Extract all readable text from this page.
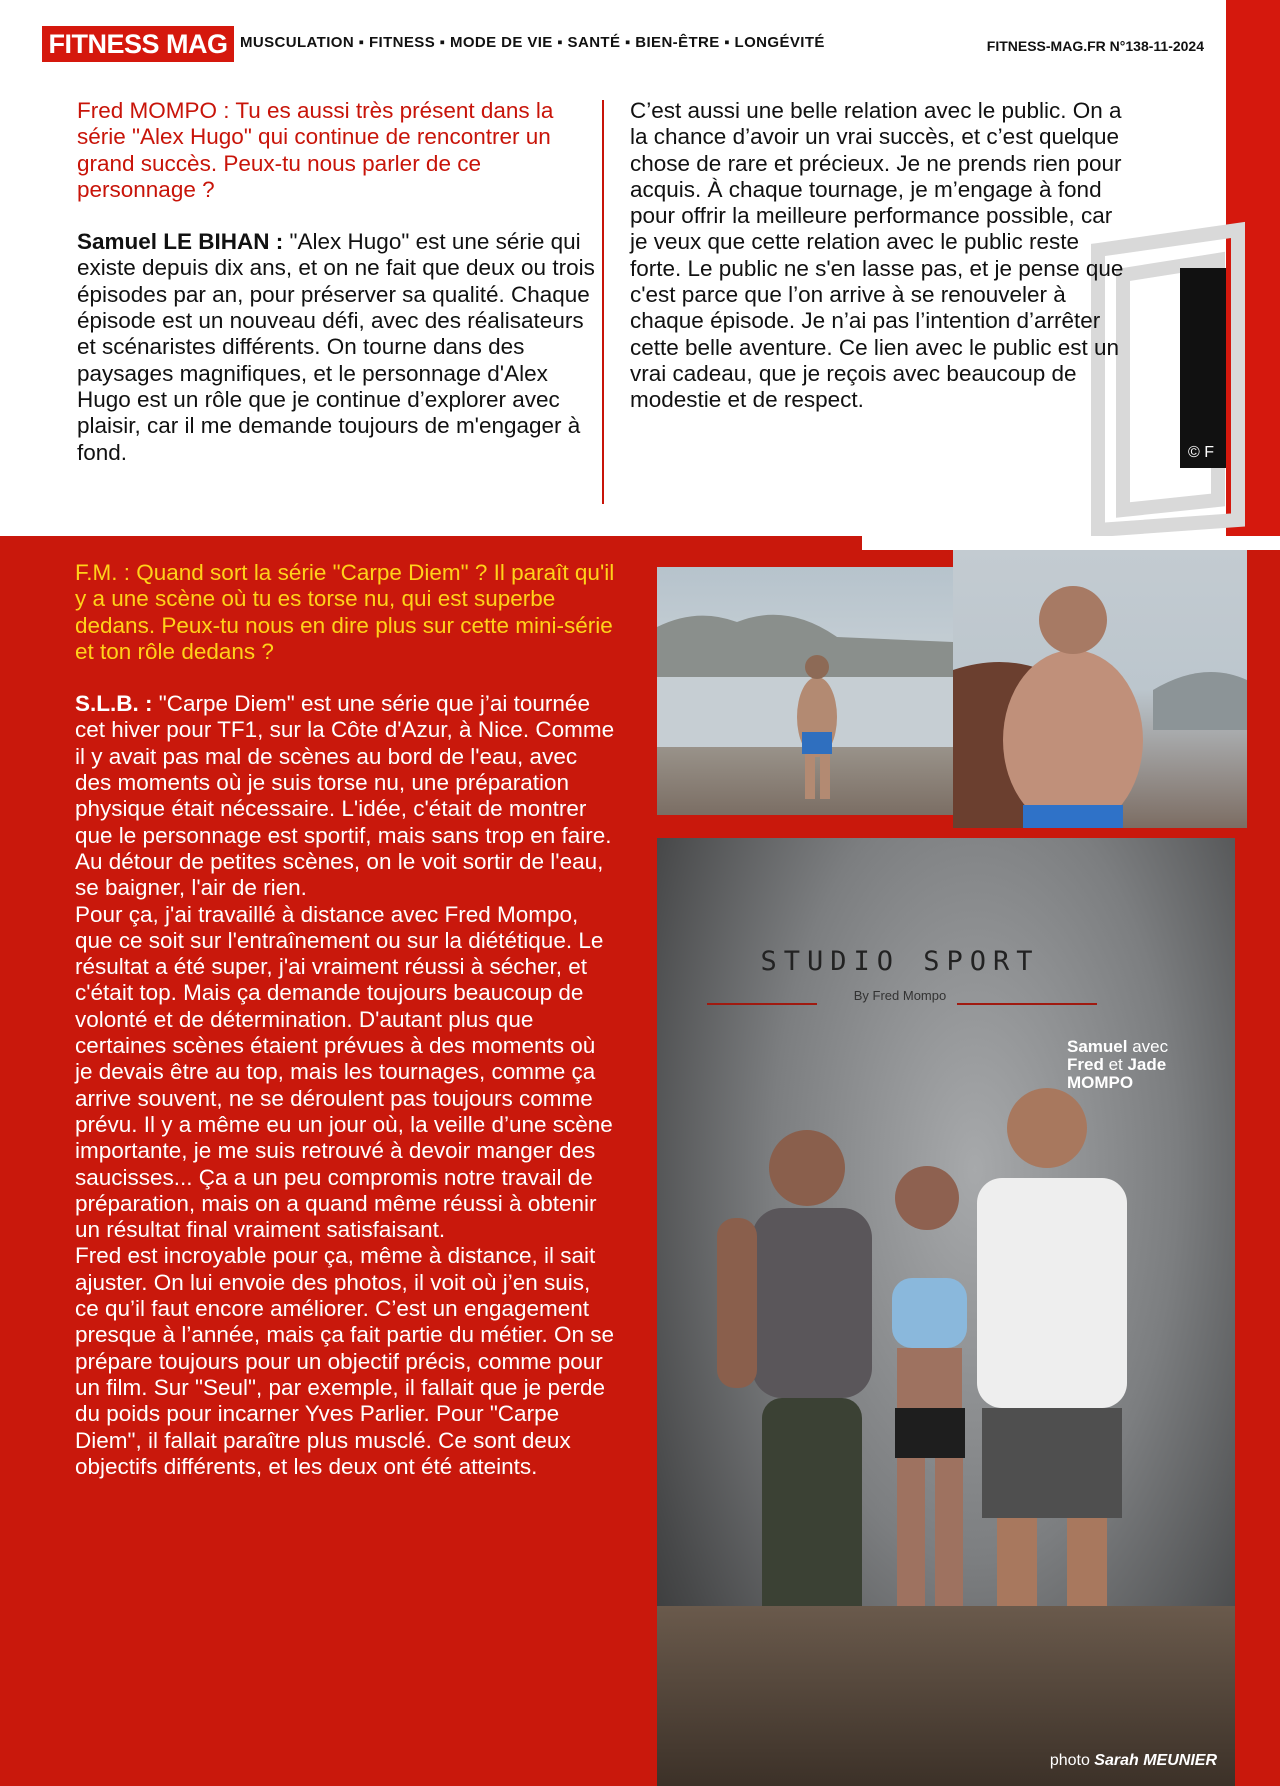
FITNESS MAG MUSCULATION ▪ FITNESS ▪ MODE DE VIE ▪ SANTÉ ▪ BIEN-ÊTRE ▪ LONGÉVITÉ	FITNESS-MAG.FR N°138-11-2024
© F

Fred MOMPO : Tu es aussi très présent dans la série "Alex Hugo" qui continue de rencontrer un grand succès. Peux-tu nous parler de ce personnage ?

Samuel LE BIHAN : "Alex Hugo" est une série qui existe depuis dix ans, et on ne fait que deux ou trois épisodes par an, pour préserver sa qualité. Chaque épisode est un nouveau défi, avec des réalisateurs et scénaristes différents. On tourne dans des paysages magnifiques, et le personnage d'Alex Hugo est un rôle que je continue d’explorer avec plaisir, car il me demande toujours de m'engager à fond.

C’est aussi une belle relation avec le public. On a la chance d’avoir un vrai succès, et c’est quelque chose de rare et précieux. Je ne prends rien pour acquis. À chaque tournage, je m’engage à fond pour offrir la meilleure performance possible, car je veux que cette relation avec le public reste forte. Le public ne s'en lasse pas, et je pense que c'est parce que l’on arrive à se renouveler à chaque épisode. Je n’ai pas l’intention d’arrêter cette belle aventure. Ce lien avec le public est un vrai cadeau, que je reçois avec beaucoup de modestie et de respect.

F.M. : Quand sort la série "Carpe Diem" ? Il paraît qu'il y a une scène où tu es torse nu, qui est superbe dedans. Peux-tu nous en dire plus sur cette mini-série et ton rôle dedans ?

S.L.B. : "Carpe Diem" est une série que j’ai tournée cet hiver pour TF1, sur la Côte d'Azur, à Nice. Comme il y avait pas mal de scènes au bord de l'eau, avec des moments où je suis torse nu, une préparation physique était nécessaire. L'idée, c'était de montrer que le personnage est sportif, mais sans trop en faire. Au détour de petites scènes, on le voit sortir de l'eau, se baigner, l'air de rien.

Pour ça, j'ai travaillé à distance avec Fred Mompo, que ce soit sur l'entraînement ou sur la diététique. Le résultat a été super, j'ai vraiment réussi à sécher, et c'était top. Mais ça demande toujours beaucoup de volonté et de détermination. D'autant plus que certaines scènes étaient prévues à des moments où je devais être au top, mais les tournages, comme ça arrive souvent, ne se déroulent pas toujours comme prévu. Il y a même eu un jour où, la veille d’une scène importante, je me suis retrouvé à devoir manger des saucisses... Ça a un peu compromis notre travail de préparation, mais on a quand même réussi à obtenir un résultat final vraiment satisfaisant.

Fred est incroyable pour ça, même à distance, il sait ajuster. On lui envoie des photos, il voit où j’en suis, ce qu’il faut encore améliorer. C’est un engagement presque à l’année, mais ça fait partie du métier. On se prépare toujours pour un objectif précis, comme pour un film. Sur "Seul", par exemple, il fallait que je perde du poids pour incarner Yves Parlier. Pour "Carpe Diem", il fallait paraître plus musclé. Ce sont deux objectifs différents, et les deux ont été atteints.

STUDIO SPORT
By Fred Mompo
Samuel avec
Fred et Jade
MOMPO
photo Sarah MEUNIER
